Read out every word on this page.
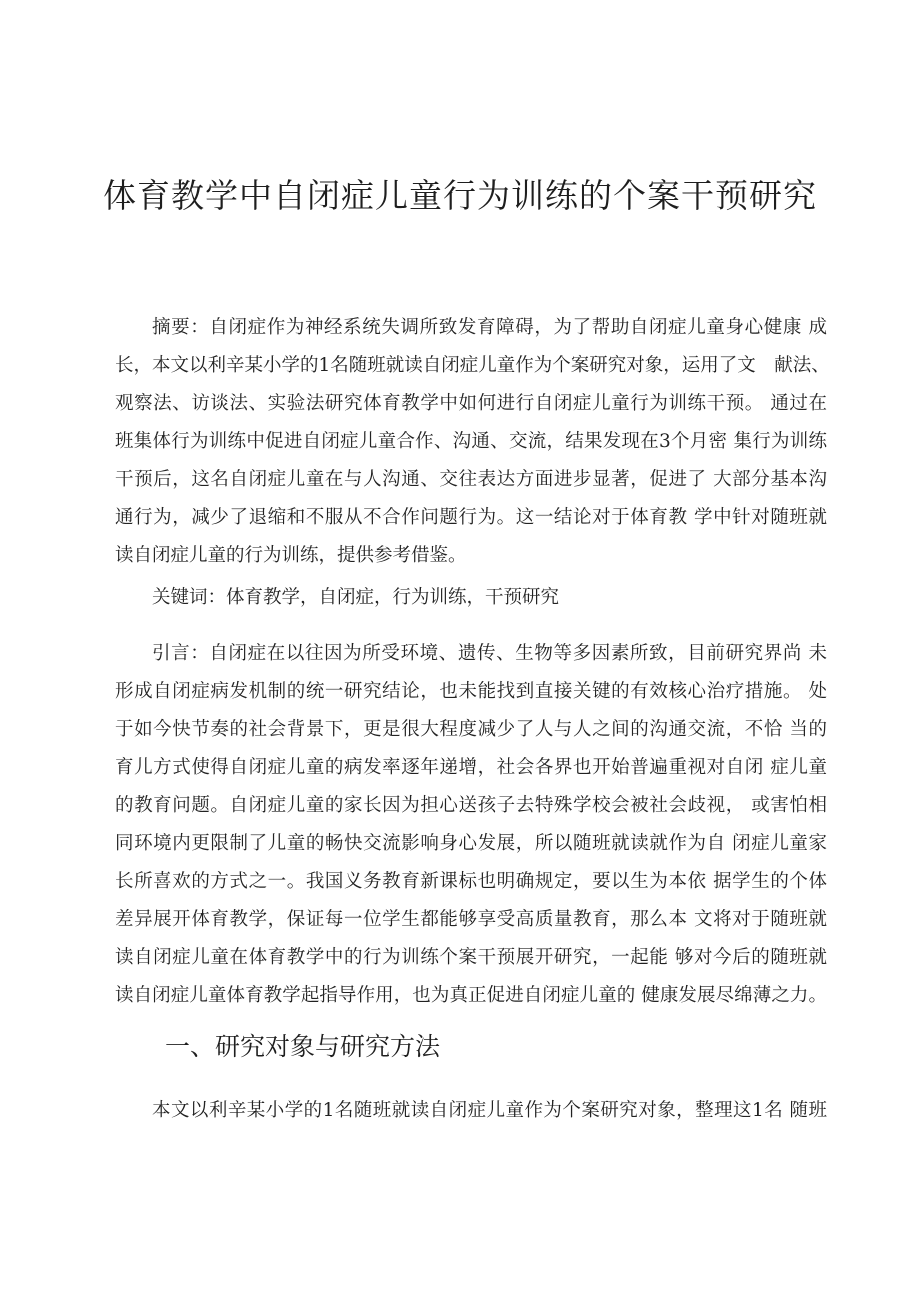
体育教学中自闭症儿童行为训练的个案干预研究
摘要：自闭症作为神经系统失调所致发育障碍，为了帮助自闭症儿童身心健康 成
长，本文以利辛某小学的1名随班就读自闭症儿童作为个案研究对象，运用了文　献法、
观察法、访谈法、实验法研究体育教学中如何进行自闭症儿童行为训练干预。 通过在
班集体行为训练中促进自闭症儿童合作、沟通、交流，结果发现在3个月密 集行为训练
干预后，这名自闭症儿童在与人沟通、交往表达方面进步显著，促进了 大部分基本沟
通行为，减少了退缩和不服从不合作问题行为。这一结论对于体育教 学中针对随班就
读自闭症儿童的行为训练，提供参考借鉴。
关键词：体育教学，自闭症，行为训练，干预研究
引言：自闭症在以往因为所受环境、遗传、生物等多因素所致，目前研究界尚 未
形成自闭症病发机制的统一研究结论，也未能找到直接关键的有效核心治疗措施。 处
于如今快节奏的社会背景下，更是很大程度减少了人与人之间的沟通交流，不恰 当的
育儿方式使得自闭症儿童的病发率逐年递增，社会各界也开始普遍重视对自闭 症儿童
的教育问题。自闭症儿童的家长因为担心送孩子去特殊学校会被社会歧视， 或害怕相
同环境内更限制了儿童的畅快交流影响身心发展，所以随班就读就作为自 闭症儿童家
长所喜欢的方式之一。我国义务教育新课标也明确规定，要以生为本依 据学生的个体
差异展开体育教学，保证每一位学生都能够享受高质量教育，那么本 文将对于随班就
读自闭症儿童在体育教学中的行为训练个案干预展开研究，一起能 够对今后的随班就
读自闭症儿童体育教学起指导作用，也为真正促进自闭症儿童的 健康发展尽绵薄之力。
一、研究对象与研究方法
本文以利辛某小学的1名随班就读自闭症儿童作为个案研究对象，整理这1名 随班
